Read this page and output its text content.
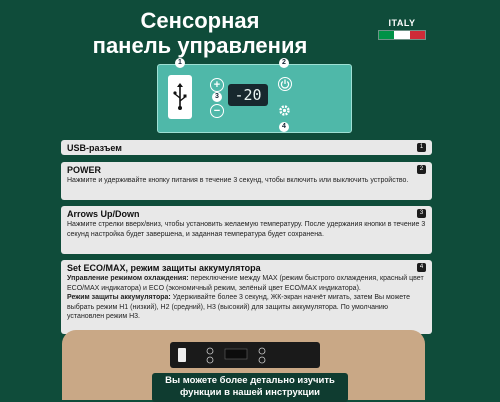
Сенсорная
панель управления
ITALY
1
+
3
−
-20
2
4
USB-разъем	1
POWER
Нажмите и удерживайте кнопку питания в течение 3 секунд, чтобы включить или выключить устройство.
2
Arrows Up/Down
Нажмите стрелки вверх/вниз, чтобы установить желаемую температуру. После удержания кнопки в течение 3 секунд настройка будет завершена, и заданная температура будет сохранена.
3
Set ECO/MAX, режим защиты аккумулятора
Управление режимом охлаждения: переключение между MAX (режим быстрого охлаждения, красный цвет ECO/MAX индикатора) и ECO (экономичный режим, зелёный цвет ECO/MAX индикатора).
Режим защиты аккумулятора: Удерживайте более 3 секунд, ЖК-экран начнёт мигать, затем Вы можете выбрать режим H1 (низкий), H2 (средний), H3 (высокий) для защиты аккумулятора. По умолчанию установлен режим H3.
4
Вы можете более детально изучить
функции в нашей инструкции
